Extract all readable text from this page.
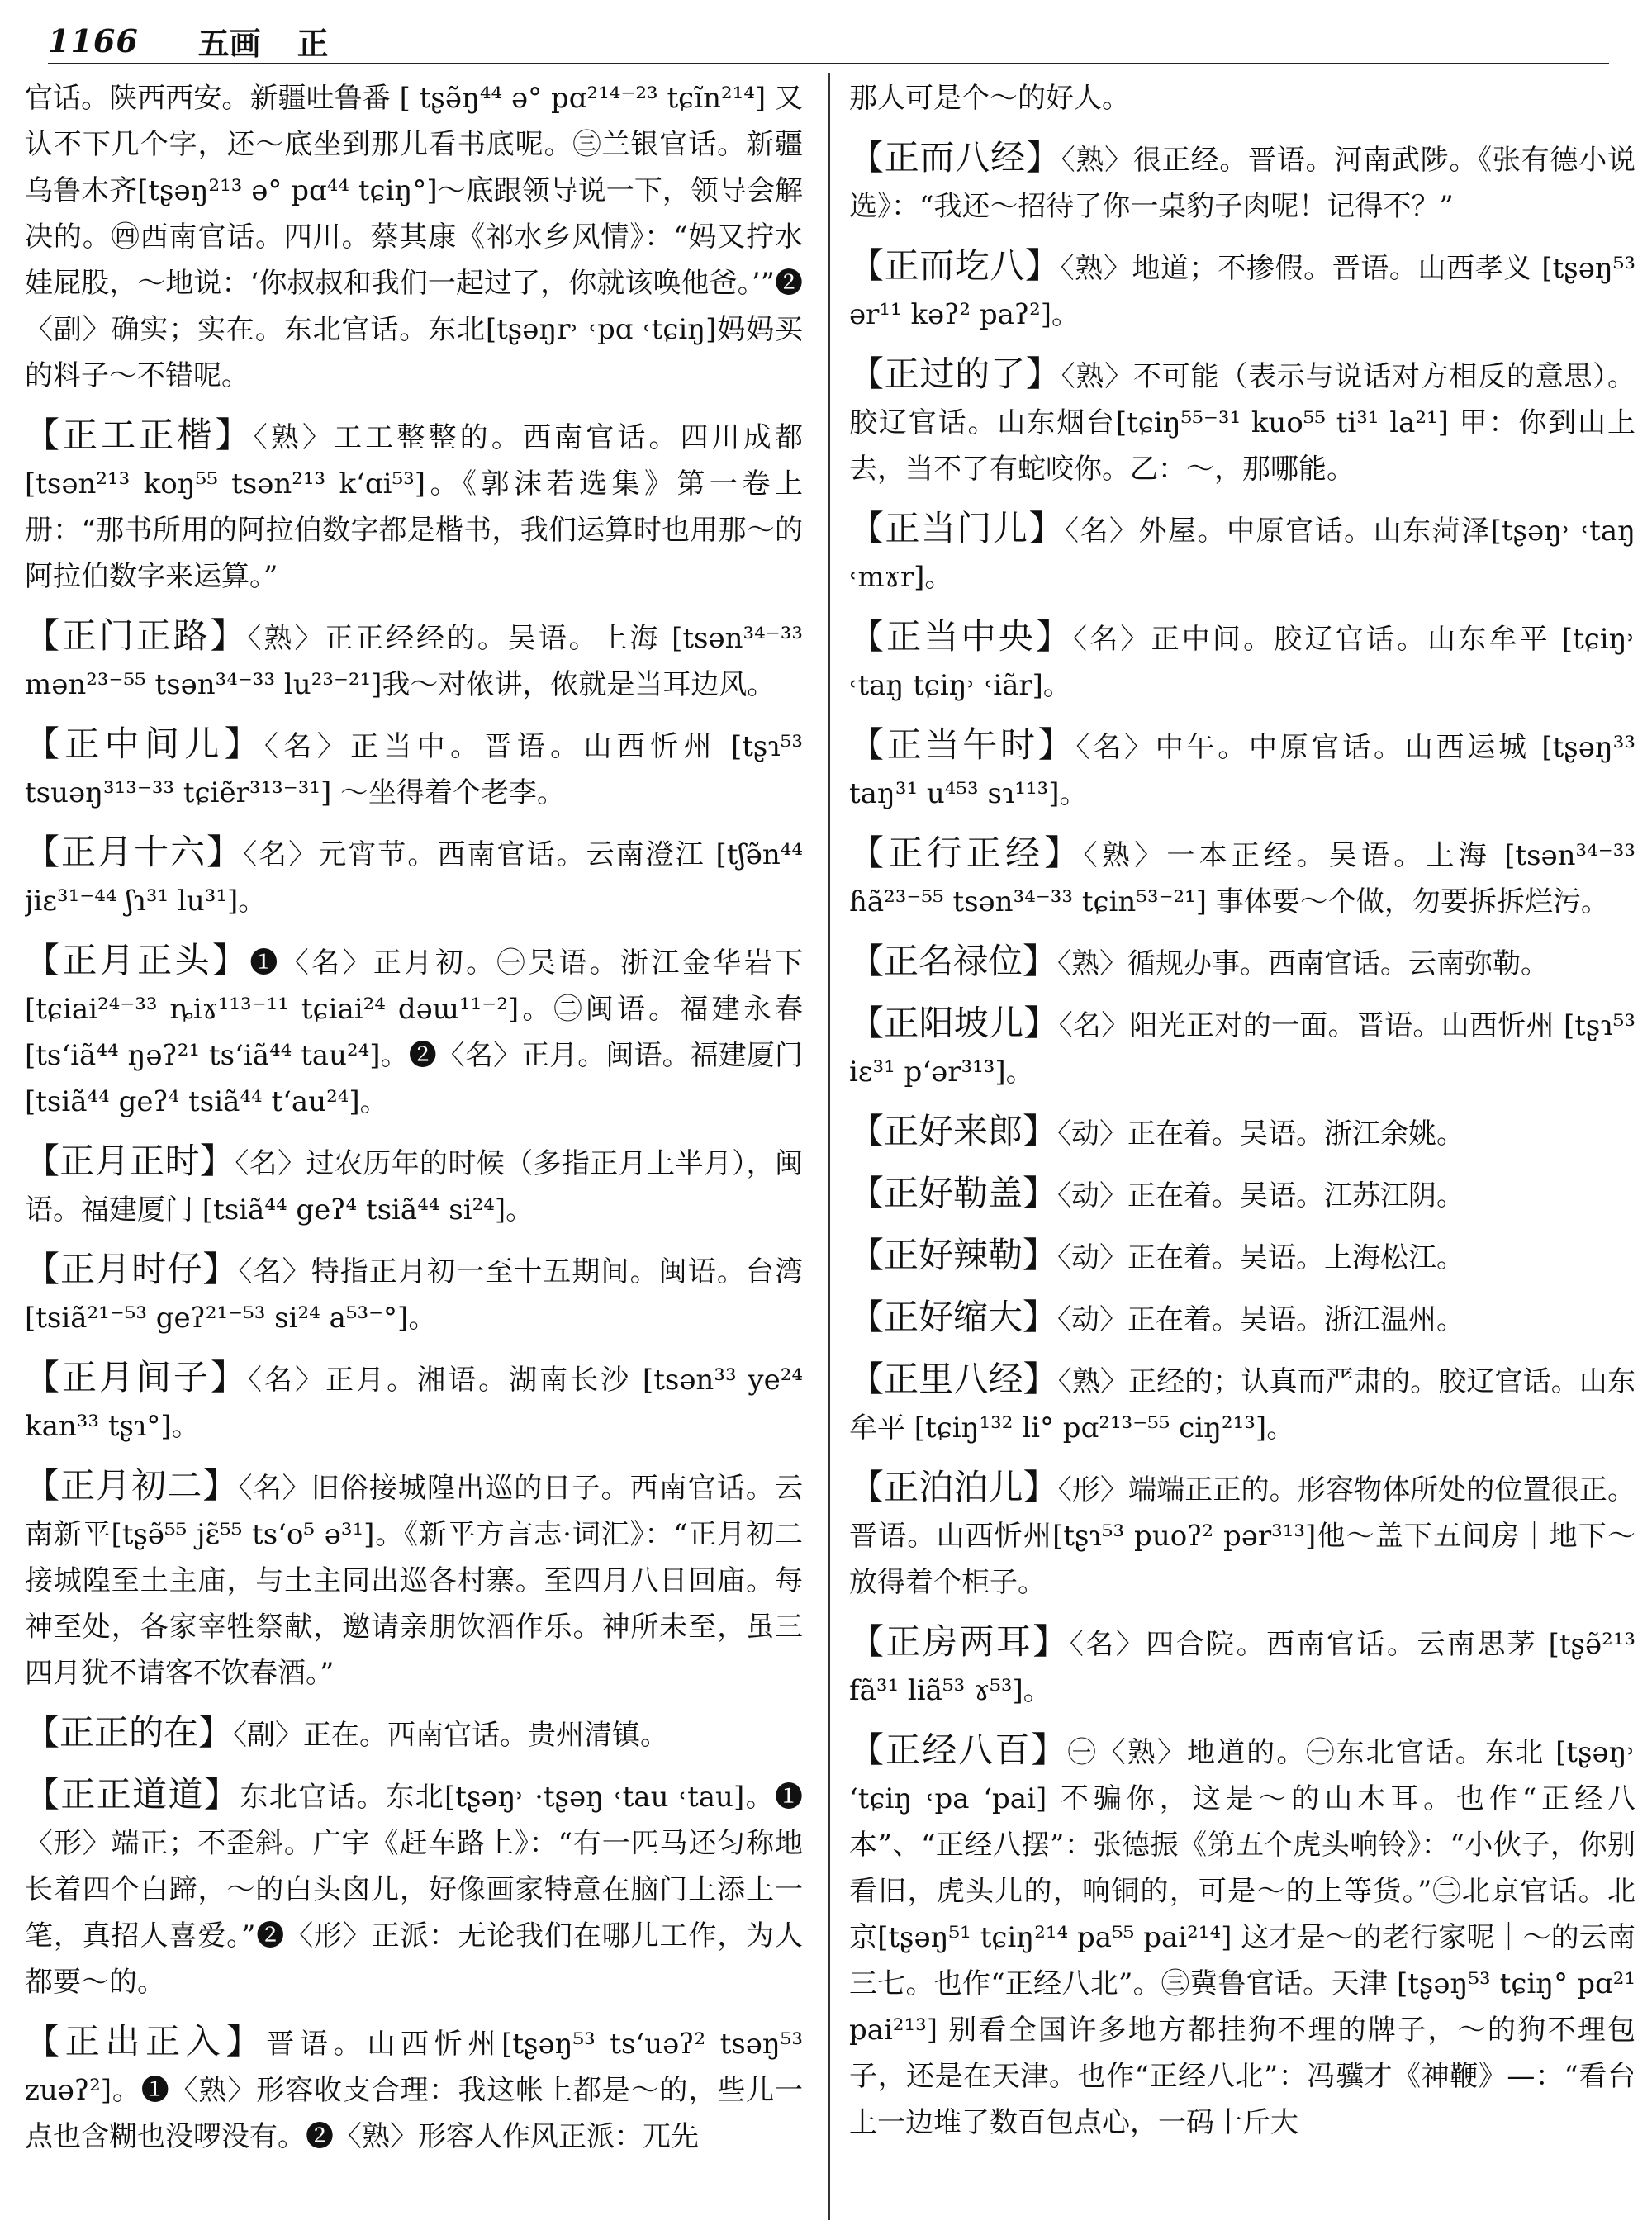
1166 五画 正

官话。陕西西安。新疆吐鲁番 [ tʂə̃ŋ⁴⁴ ə° pɑ²¹⁴⁻²³ tɕĩn²¹⁴] 又认不下几个字，还～底坐到那儿看书底呢。㊂兰银官话。新疆乌鲁木齐[tʂəŋ²¹³ ə° pɑ⁴⁴ tɕiŋ°]～底跟领导说一下，领导会解决的。㊃西南官话。四川。蔡其康《祁水乡风情》：“妈又拧水娃屁股，～地说：‘你叔叔和我们一起过了，你就该唤他爸。’”❷〈副〉确实；实在。东北官话。东北[tʂəŋr˒ ˓pɑ ˓tɕiŋ]妈妈买的料子～不错呢。

【正工正楷】〈熟〉工工整整的。西南官话。四川成都[tsən²¹³ koŋ⁵⁵ tsən²¹³ k‘ɑi⁵³]。《郭沫若选集》第一卷上册：“那书所用的阿拉伯数字都是楷书，我们运算时也用那～的阿拉伯数字来运算。”

【正门正路】〈熟〉正正经经的。吴语。上海 [tsən³⁴⁻³³ mən²³⁻⁵⁵ tsən³⁴⁻³³ lu²³⁻²¹]我～对侬讲，侬就是当耳边风。

【正中间儿】〈名〉正当中。晋语。山西忻州 [tʂɿ⁵³ tsuəŋ³¹³⁻³³ tɕiẽr³¹³⁻³¹] ～坐得着个老李。

【正月十六】〈名〉元宵节。西南官话。云南澄江 [tʃə̃n⁴⁴ jiɛ³¹⁻⁴⁴ ʃɿ³¹ lu³¹]。

【正月正头】❶〈名〉正月初。㊀吴语。浙江金华岩下 [tɕiai²⁴⁻³³ ȵiɤ¹¹³⁻¹¹ tɕiai²⁴ dəɯ¹¹⁻²]。㊁闽语。福建永春 [ts‘iã⁴⁴ ŋəʔ²¹ ts‘iã⁴⁴ tau²⁴]。❷〈名〉正月。闽语。福建厦门 [tsiã⁴⁴ geʔ⁴ tsiã⁴⁴ t‘au²⁴]。

【正月正时】〈名〉过农历年的时候（多指正月上半月），闽语。福建厦门 [tsiã⁴⁴ geʔ⁴ tsiã⁴⁴ si²⁴]。

【正月时仔】〈名〉特指正月初一至十五期间。闽语。台湾 [tsiã²¹⁻⁵³ geʔ²¹⁻⁵³ si²⁴ a⁵³⁻°]。

【正月间子】〈名〉正月。湘语。湖南长沙 [tsən³³ ye²⁴ kan³³ tʂɿ°]。

【正月初二】〈名〉旧俗接城隍出巡的日子。西南官话。云南新平[tʂə̃⁵⁵ jɛ̃⁵⁵ ts‘o⁵ ə³¹]。《新平方言志·词汇》：“正月初二接城隍至土主庙，与土主同出巡各村寨。至四月八日回庙。每神至处，各家宰牲祭献，邀请亲朋饮酒作乐。神所未至，虽三四月犹不请客不饮春酒。”

【正正的在】〈副〉正在。西南官话。贵州清镇。

【正正道道】东北官话。东北[tʂəŋ˒ ·tʂəŋ ˓tau ˓tau]。❶〈形〉端正；不歪斜。广宇《赶车路上》：“有一匹马还匀称地长着四个白蹄，～的白头囟儿，好像画家特意在脑门上添上一笔，真招人喜爱。”❷〈形〉正派：无论我们在哪儿工作，为人都要～的。

【正出正入】晋语。山西忻州[tʂəŋ⁵³ ts‘uəʔ² tsəŋ⁵³ zuəʔ²]。❶〈熟〉形容收支合理：我这帐上都是～的，些儿一点也含糊也没啰没有。❷〈熟〉形容人作风正派：兀先

那人可是个～的好人。

【正而八经】〈熟〉很正经。晋语。河南武陟。《张有德小说选》：“我还～招待了你一桌豹子肉呢！记得不？”

【正而圪八】〈熟〉地道；不掺假。晋语。山西孝义 [tʂəŋ⁵³ ər¹¹ kəʔ² paʔ²]。

【正过的了】〈熟〉不可能（表示与说话对方相反的意思）。胶辽官话。山东烟台[tɕiŋ⁵⁵⁻³¹ kuo⁵⁵ ti³¹ la²¹] 甲：你到山上去，当不了有蛇咬你。乙：～，那哪能。

【正当门儿】〈名〉外屋。中原官话。山东菏泽[tʂəŋ˒ ˓taŋ ˓mɤr]。

【正当中央】〈名〉正中间。胶辽官话。山东牟平 [tɕiŋ˒ ˓taŋ tɕiŋ˒ ˓iãr]。

【正当午时】〈名〉中午。中原官话。山西运城 [tʂəŋ³³ taŋ³¹ u⁴⁵³ sɿ¹¹³]。

【正行正经】〈熟〉一本正经。吴语。上海 [tsən³⁴⁻³³ ɦã²³⁻⁵⁵ tsən³⁴⁻³³ tɕin⁵³⁻²¹] 事体要～个做，勿要拆拆烂污。

【正名禄位】〈熟〉循规办事。西南官话。云南弥勒。

【正阳坡儿】〈名〉阳光正对的一面。晋语。山西忻州 [tʂɿ⁵³ iɛ³¹ p‘ər³¹³]。

【正好来郎】〈动〉正在着。吴语。浙江余姚。

【正好勒盖】〈动〉正在着。吴语。江苏江阴。

【正好辣勒】〈动〉正在着。吴语。上海松江。

【正好缩大】〈动〉正在着。吴语。浙江温州。

【正里八经】〈熟〉正经的；认真而严肃的。胶辽官话。山东牟平 [tɕiŋ¹³² li° pɑ²¹³⁻⁵⁵ ciŋ²¹³]。

【正泊泊儿】〈形〉端端正正的。形容物体所处的位置很正。晋语。山西忻州[tʂɿ⁵³ puoʔ² pər³¹³]他～盖下五间房｜地下～放得着个柜子。

【正房两耳】〈名〉四合院。西南官话。云南思茅 [tʂə̃²¹³ fã³¹ liã⁵³ ɤ⁵³]。

【正经八百】㊀〈熟〉地道的。㊀东北官话。东北 [tʂəŋ˒ ‘tɕiŋ ˓pa ‘pai] 不骗你，这是～的山木耳。也作“正经八本”、“正经八摆”：张德振《第五个虎头响铃》：“小伙子，你别看旧，虎头儿的，响铜的，可是～的上等货。”㊁北京官话。北京[tʂəŋ⁵¹ tɕiŋ²¹⁴ pa⁵⁵ pai²¹⁴] 这才是～的老行家呢｜～的云南三七。也作“正经八北”。㊂冀鲁官话。天津 [tʂəŋ⁵³ tɕiŋ° pɑ²¹ pai²¹³] 别看全国许多地方都挂狗不理的牌子，～的狗不理包子，还是在天津。也作“正经八北”：冯骥才《神鞭》—：“看台上一边堆了数百包点心，一码十斤大
